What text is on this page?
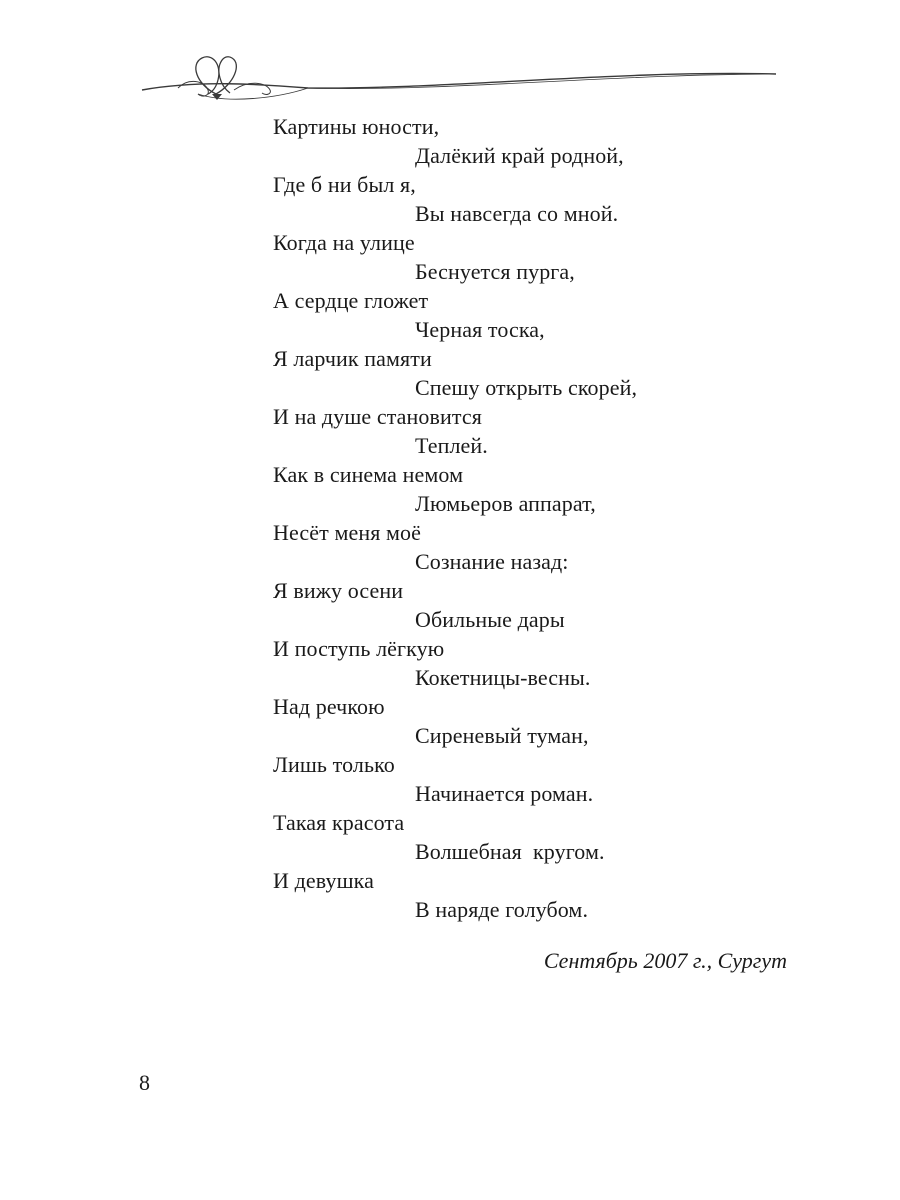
Картины юности,
Далёкий край родной,
Где б ни был я,
Вы навсегда со мной.
Когда на улице
Беснуется пурга,
А сердце гложет
Черная тоска,
Я ларчик памяти
Спешу открыть скорей,
И на душе становится
Теплей.
Как в синема немом
Люмьеров аппарат,
Несёт меня моё
Сознание назад:
Я вижу осени
Обильные дары
И поступь лёгкую
Кокетницы-весны.
Над речкою
Сиреневый туман,
Лишь только
Начинается роман.
Такая красота
Волшебная  кругом.
И девушка
В наряде голубом.
Сентябрь 2007 г., Сургут
8
